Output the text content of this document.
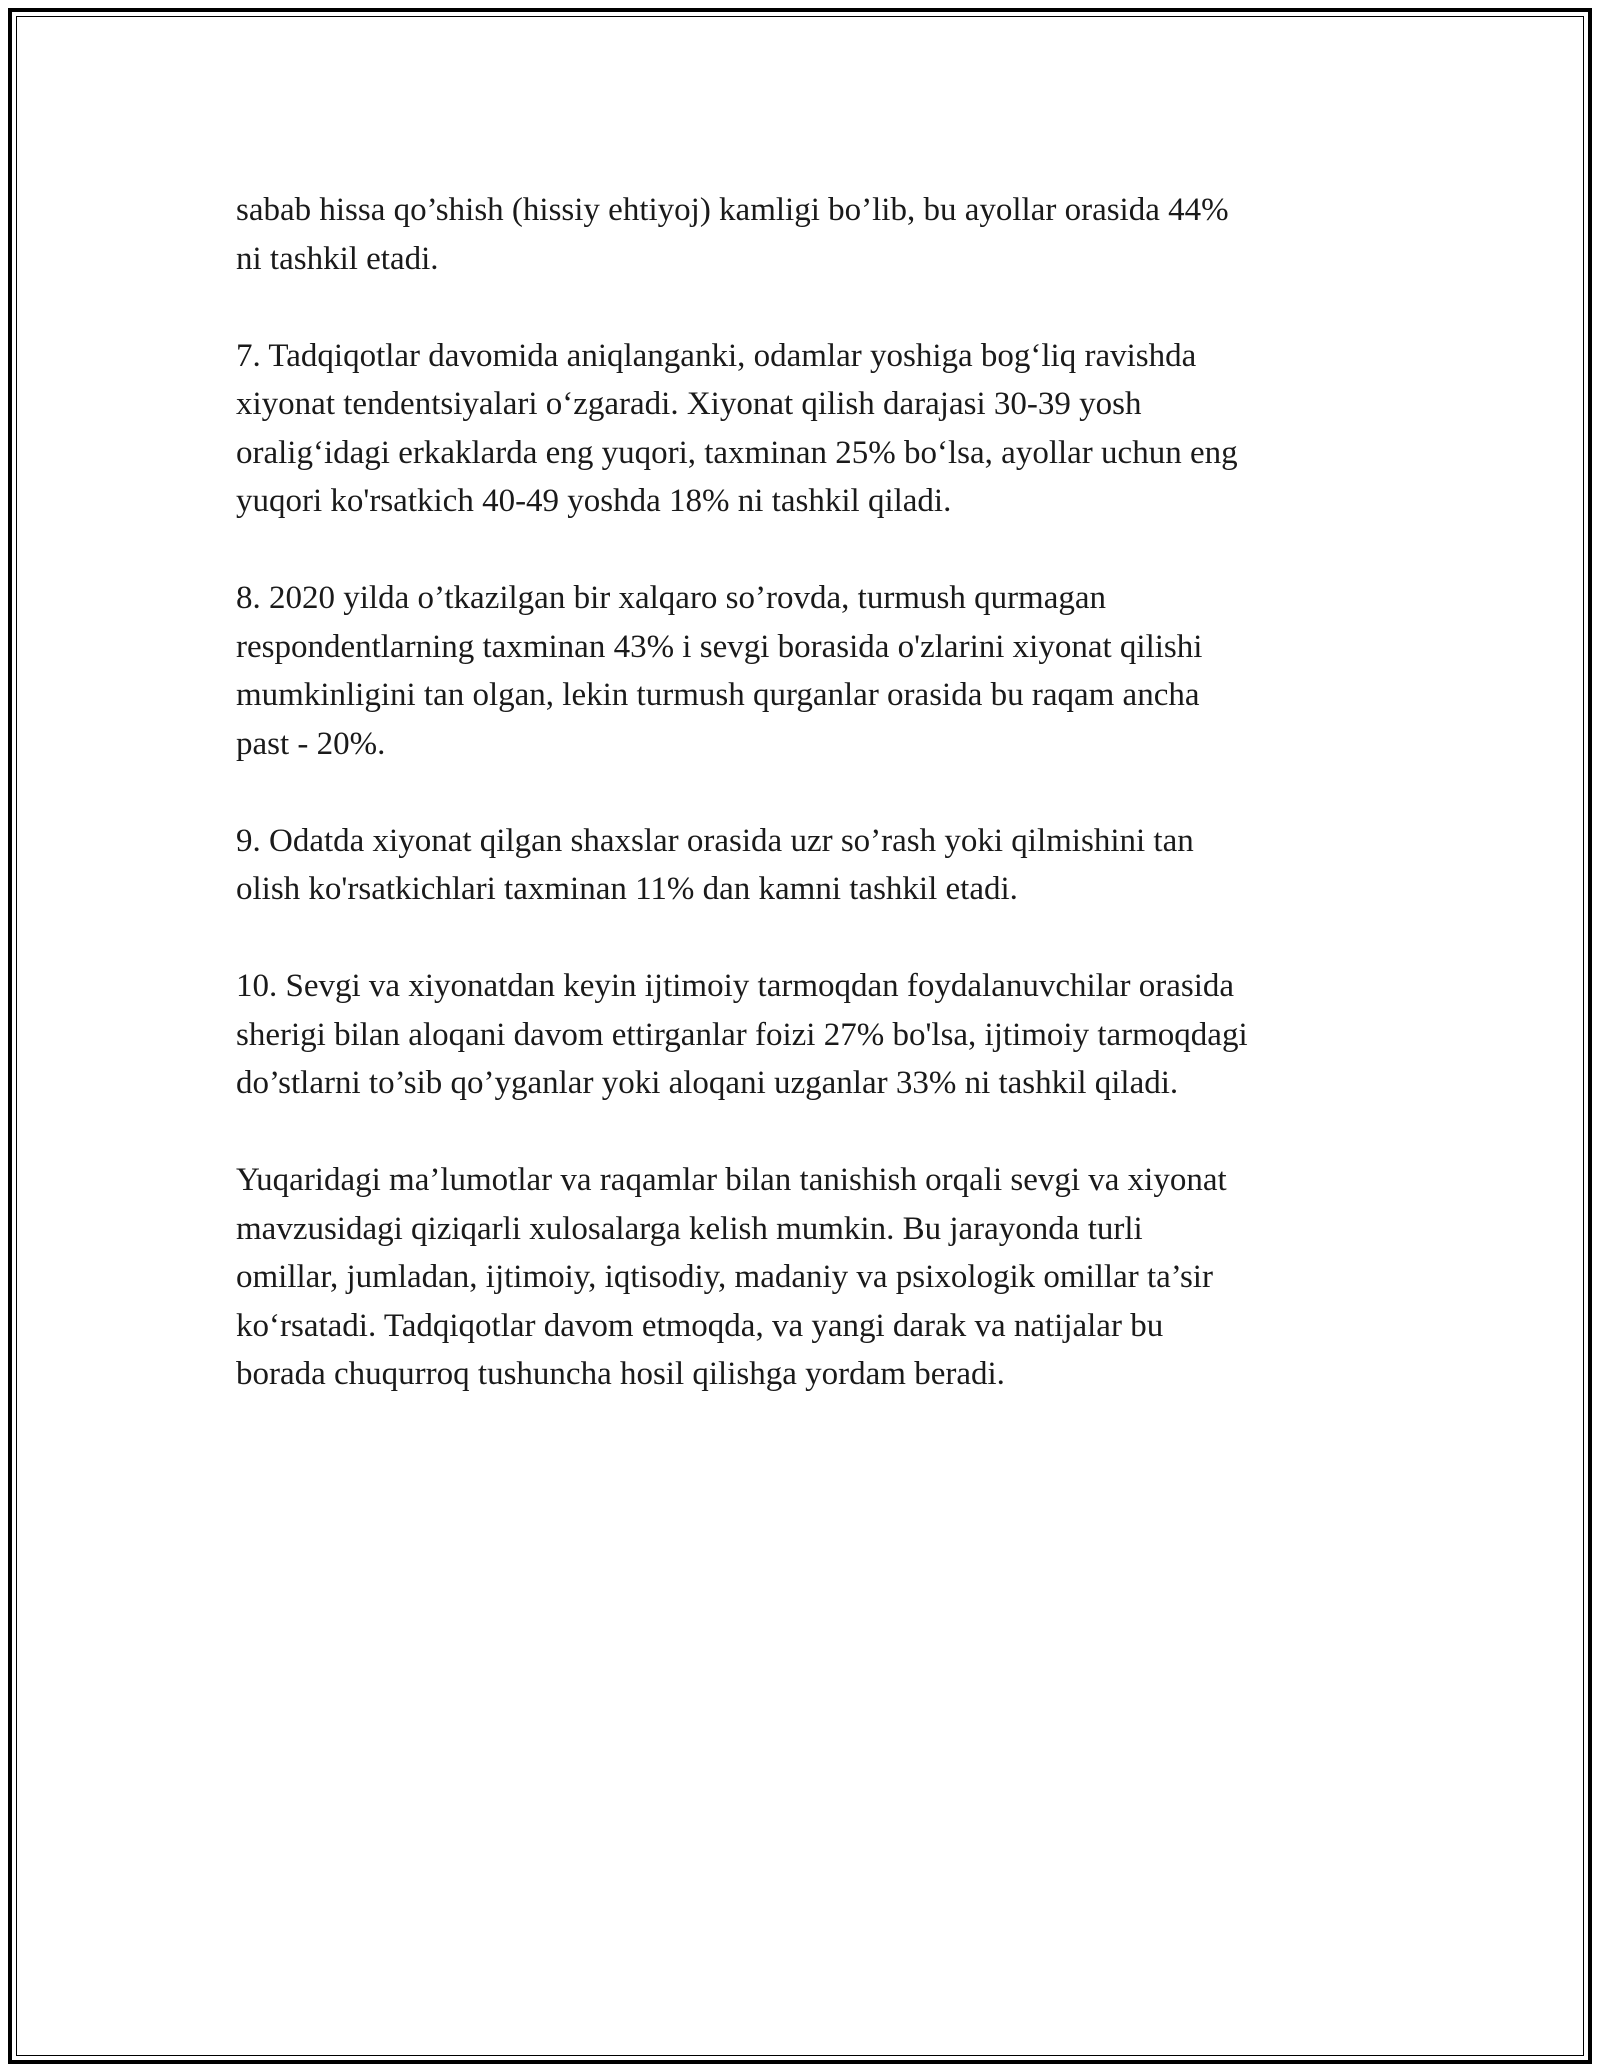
sabab hissa qo’shish (hissiy ehtiyoj) kamligi bo’lib, bu ayollar orasida 44%
ni tashkil etadi.

7. Tadqiqotlar davomida aniqlanganki, odamlar yoshiga bog‘liq ravishda
xiyonat tendentsiyalari o‘zgaradi. Xiyonat qilish darajasi 30-39 yosh
oralig‘idagi erkaklarda eng yuqori, taxminan 25% bo‘lsa, ayollar uchun eng
yuqori ko'rsatkich 40-49 yoshda 18% ni tashkil qiladi.

8. 2020 yilda o’tkazilgan bir xalqaro so’rovda, turmush qurmagan
respondentlarning taxminan 43% i sevgi borasida o'zlarini xiyonat qilishi
mumkinligini tan olgan, lekin turmush qurganlar orasida bu raqam ancha
past - 20%.

9. Odatda xiyonat qilgan shaxslar orasida uzr so’rash yoki qilmishini tan
olish ko'rsatkichlari taxminan 11% dan kamni tashkil etadi.

10. Sevgi va xiyonatdan keyin ijtimoiy tarmoqdan foydalanuvchilar orasida
sherigi bilan aloqani davom ettirganlar foizi 27% bo'lsa, ijtimoiy tarmoqdagi
do’stlarni to’sib qo’yganlar yoki aloqani uzganlar 33% ni tashkil qiladi.

Yuqaridagi ma’lumotlar va raqamlar bilan tanishish orqali sevgi va xiyonat
mavzusidagi qiziqarli xulosalarga kelish mumkin. Bu jarayonda turli
omillar, jumladan, ijtimoiy, iqtisodiy, madaniy va psixologik omillar ta’sir
ko‘rsatadi. Tadqiqotlar davom etmoqda, va yangi darak va natijalar bu
borada chuqurroq tushuncha hosil qilishga yordam beradi.
